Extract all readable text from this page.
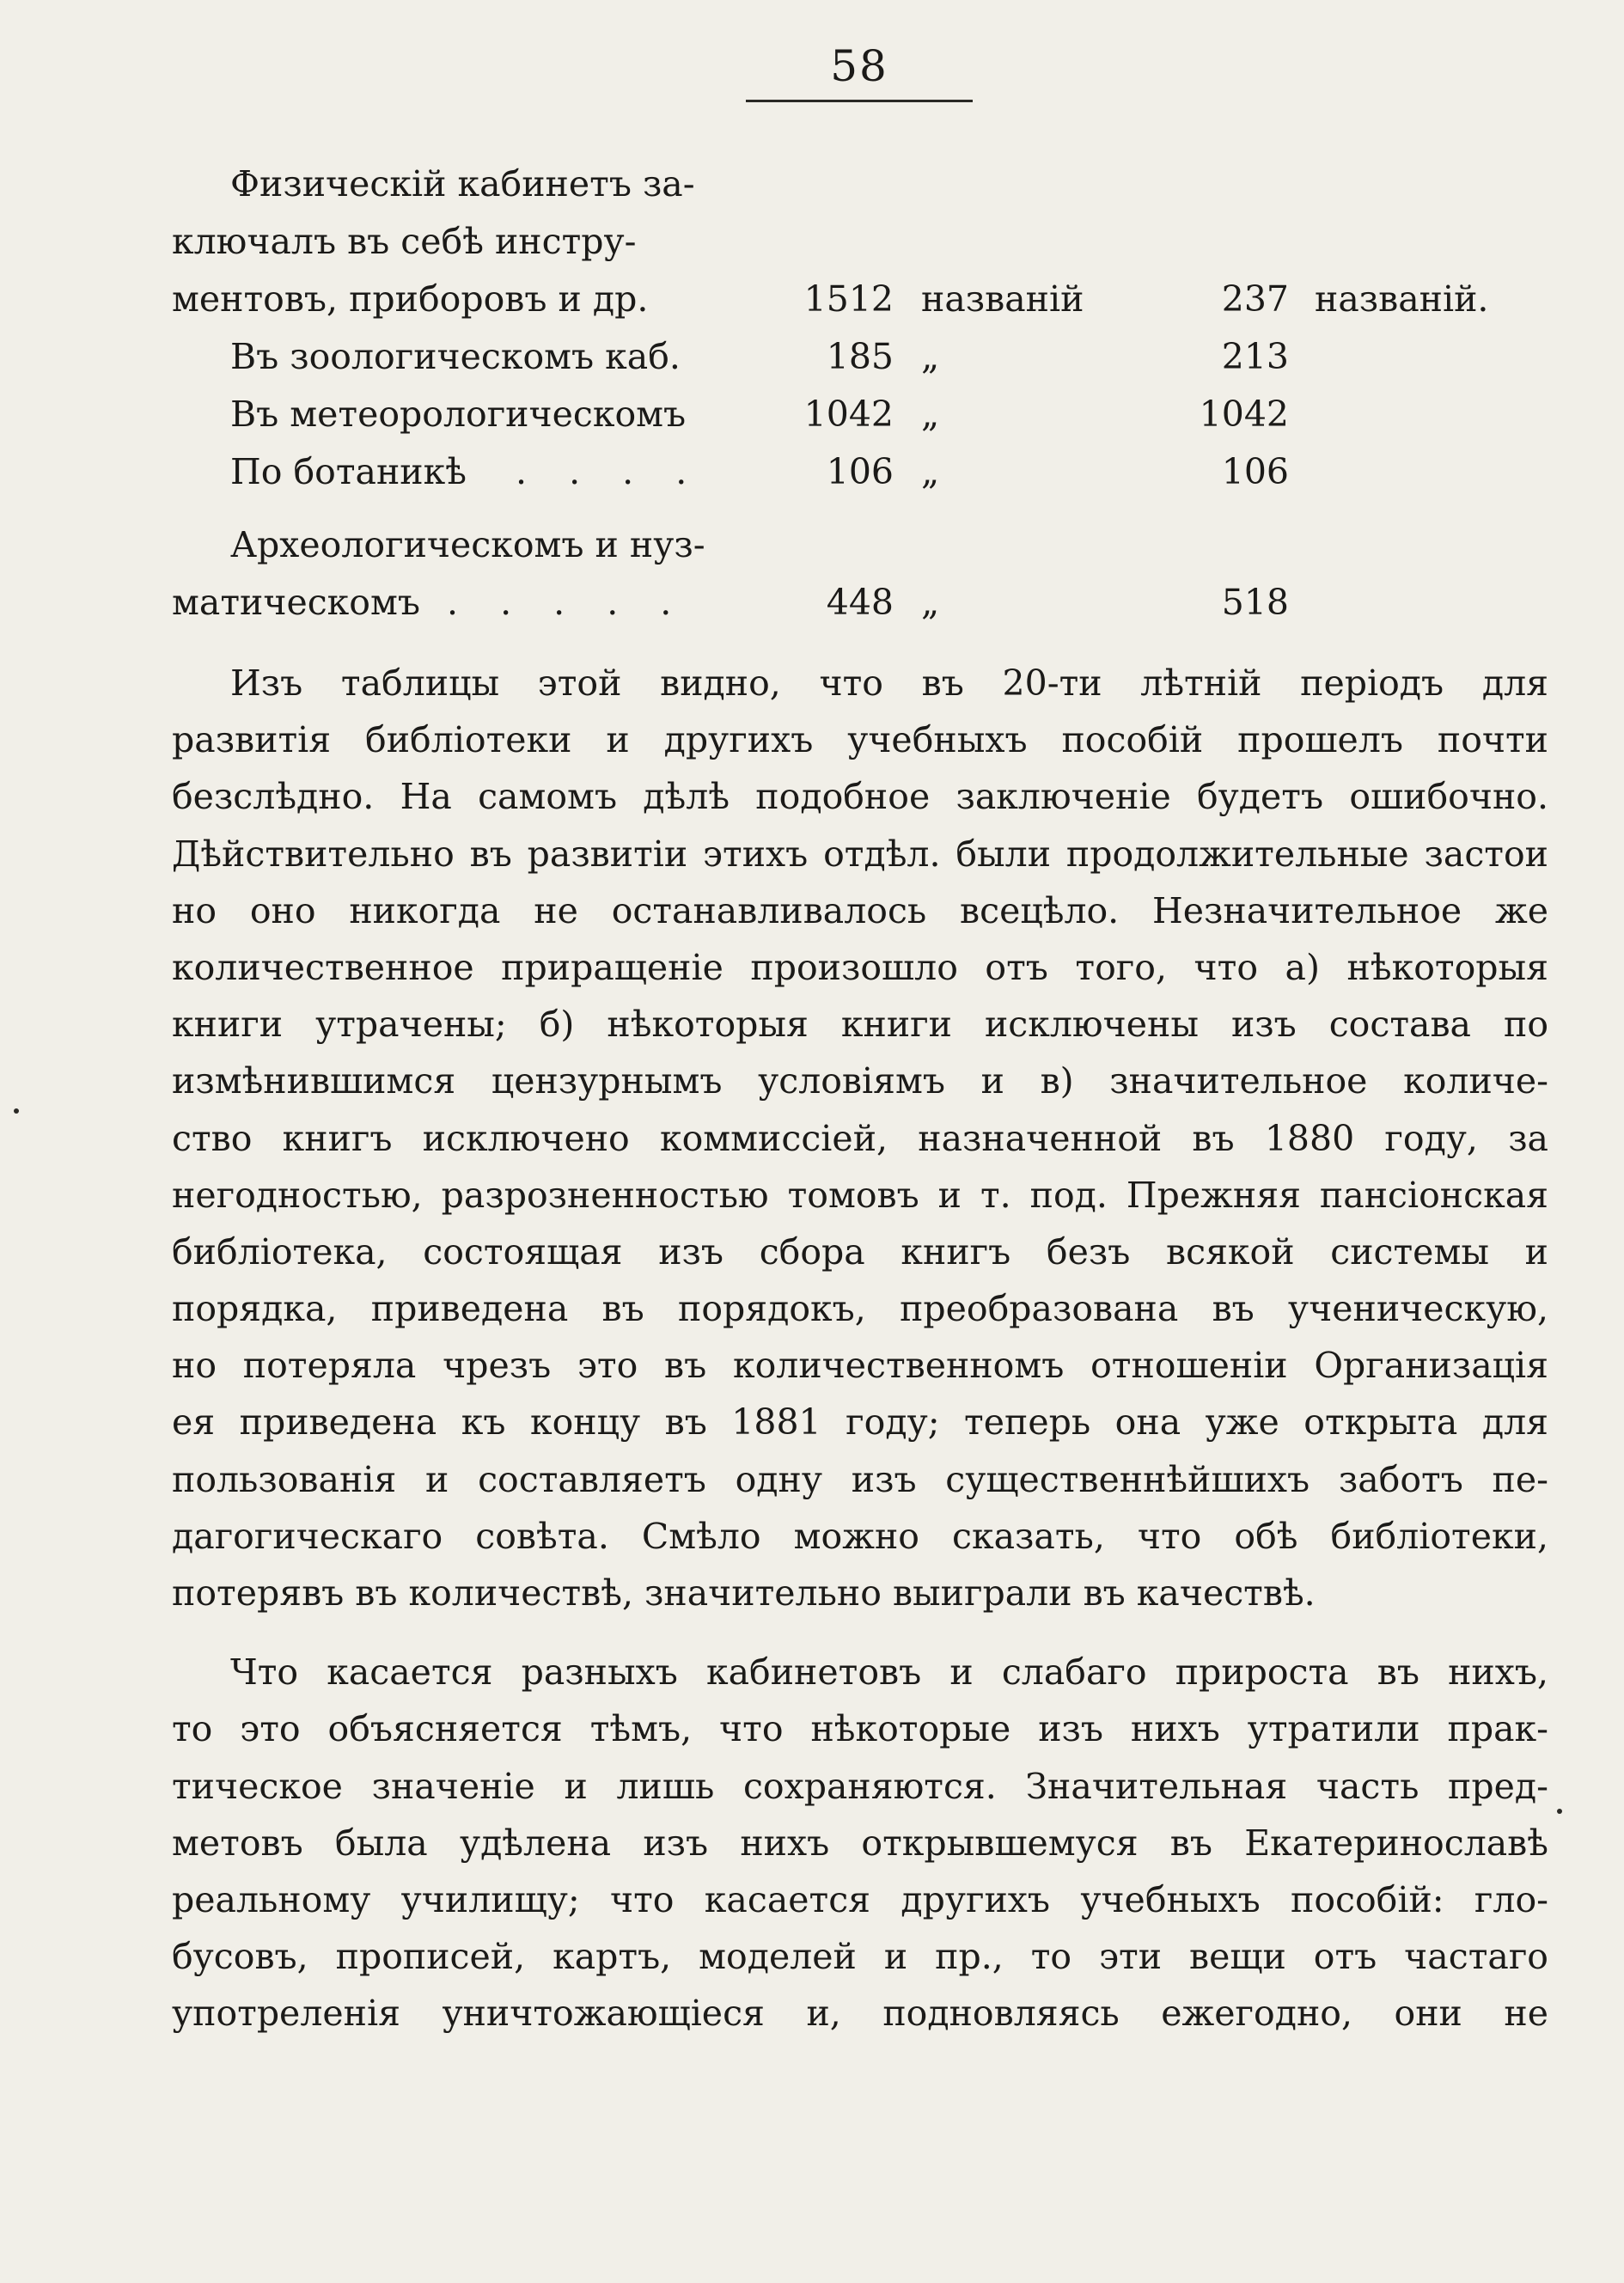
58
Физическій кабинетъ за-
ключалъ въ себѣ инстру-
ментовъ, приборовъ и др.	1512 названій	237 названій.
Въ зоологическомъ каб.	185 „	213
Въ метеорологическомъ	1042 „	1042
По ботаникѣ . . . .	106 „	106
Археологическомъ и нуз-
матическомъ . . . . .	448 „	518
Изъ таблицы этой видно, что въ 20-ти лѣтній періодъ для
развитія библіотеки и другихъ учебныхъ пособій прошелъ почти
безслѣдно. На самомъ дѣлѣ подобное заключеніе будетъ ошибочно.
Дѣйствительно въ развитіи этихъ отдѣл. были продолжительные застои
но оно никогда не останавливалось всецѣло. Незначительное же
количественное приращеніе произошло отъ того, что а) нѣкоторыя
книги утрачены; б) нѣкоторыя книги исключены изъ состава по
измѣнившимся цензурнымъ условіямъ и в) значительное количе-
ство книгъ исключено коммиссіей, назначенной въ 1880 году, за
негодностью, разрозненностью томовъ и т. под. Прежняя пансіонская
библіотека, состоящая изъ сбора книгъ безъ всякой системы и
порядка, приведена въ порядокъ, преобразована въ ученическую,
но потеряла чрезъ это въ количественномъ отношеніи Организація
ея приведена къ концу въ 1881 году; теперь она уже открыта для
пользованія и составляетъ одну изъ существеннѣйшихъ заботъ пе-
дагогическаго совѣта. Смѣло можно сказать, что обѣ библіотеки,
потерявъ въ количествѣ, значительно выиграли въ качествѣ.
Что касается разныхъ кабинетовъ и слабаго прироста въ нихъ,
то это объясняется тѣмъ, что нѣкоторые изъ нихъ утратили прак-
тическое значеніе и лишь сохраняются. Значительная часть пред-
метовъ была удѣлена изъ нихъ открывшемуся въ Екатеринославѣ
реальному училищу; что касается другихъ учебныхъ пособій: гло-
бусовъ, прописей, картъ, моделей и пр., то эти вещи отъ частаго
употреленія уничтожающіеся и, подновляясь ежегодно, они не
